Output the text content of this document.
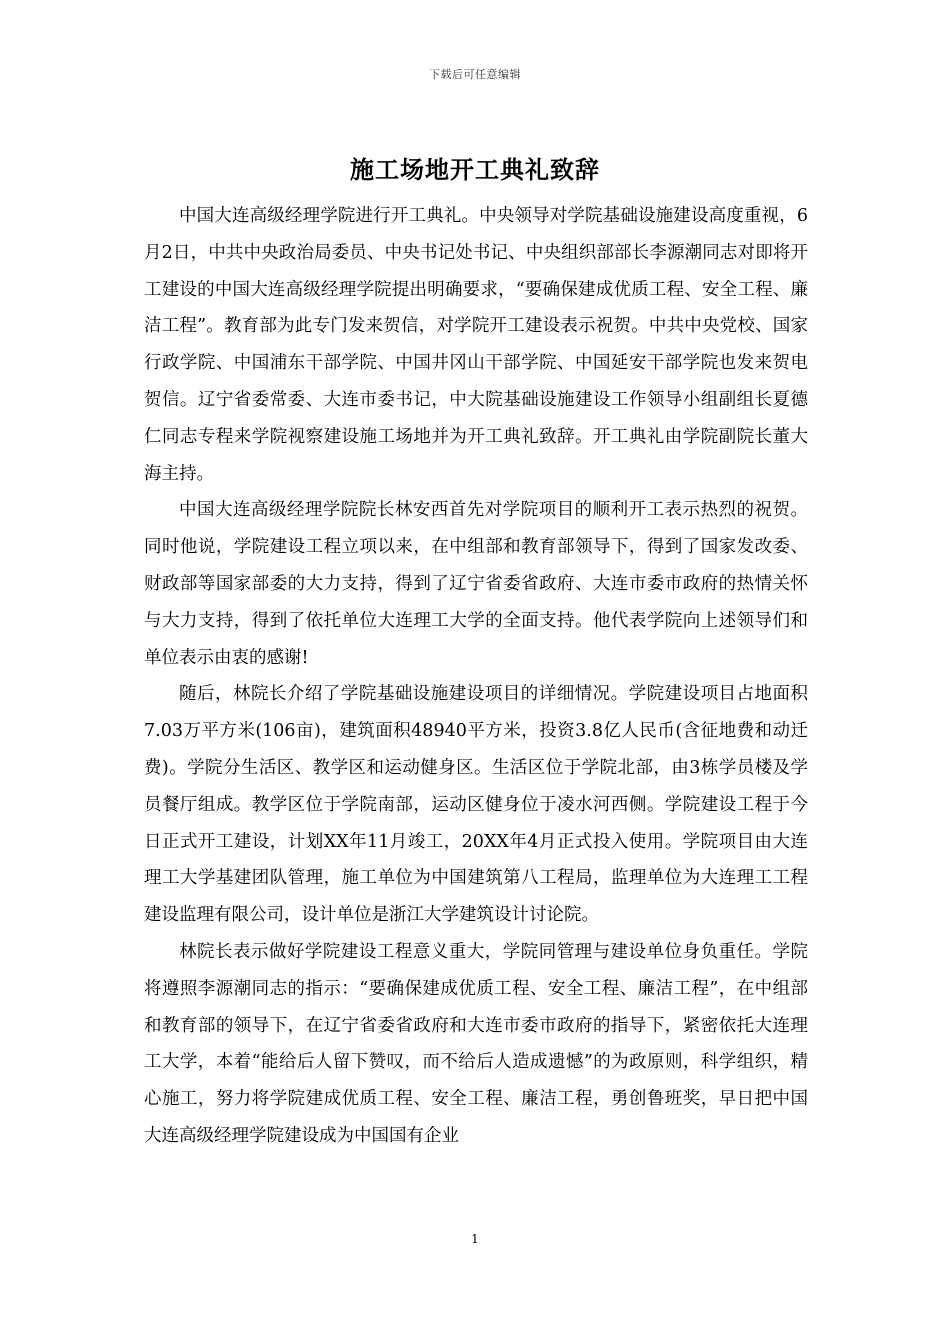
下载后可任意编辑
施工场地开工典礼致辞

中国大连高级经理学院进行开工典礼。中央领导对学院基础设施建设高度重视，6月2日，中共中央政治局委员、中央书记处书记、中央组织部部长李源潮同志对即将开工建设的中国大连高级经理学院提出明确要求，“要确保建成优质工程、安全工程、廉洁工程”。教育部为此专门发来贺信，对学院开工建设表示祝贺。中共中央党校、国家行政学院、中国浦东干部学院、中国井冈山干部学院、中国延安干部学院也发来贺电贺信。辽宁省委常委、大连市委书记，中大院基础设施建设工作领导小组副组长夏德仁同志专程来学院视察建设施工场地并为开工典礼致辞。开工典礼由学院副院长董大海主持。

中国大连高级经理学院院长林安西首先对学院项目的顺利开工表示热烈的祝贺。同时他说，学院建设工程立项以来，在中组部和教育部领导下，得到了国家发改委、财政部等国家部委的大力支持，得到了辽宁省委省政府、大连市委市政府的热情关怀与大力支持，得到了依托单位大连理工大学的全面支持。他代表学院向上述领导们和单位表示由衷的感谢!

随后，林院长介绍了学院基础设施建设项目的详细情况。学院建设项目占地面积7.03万平方米(106亩)，建筑面积48940平方米，投资3.8亿人民币(含征地费和动迁费)。学院分生活区、教学区和运动健身区。生活区位于学院北部，由3栋学员楼及学员餐厅组成。教学区位于学院南部，运动区健身位于凌水河西侧。学院建设工程于今日正式开工建设，计划XX年11月竣工，20XX年4月正式投入使用。学院项目由大连理工大学基建团队管理，施工单位为中国建筑第八工程局，监理单位为大连理工工程建设监理有限公司，设计单位是浙江大学建筑设计讨论院。

林院长表示做好学院建设工程意义重大，学院同管理与建设单位身负重任。学院将遵照李源潮同志的指示：“要确保建成优质工程、安全工程、廉洁工程”，在中组部和教育部的领导下，在辽宁省委省政府和大连市委市政府的指导下，紧密依托大连理工大学，本着“能给后人留下赞叹，而不给后人造成遗憾”的为政原则，科学组织，精心施工，努力将学院建成优质工程、安全工程、廉洁工程，勇创鲁班奖，早日把中国大连高级经理学院建设成为中国国有企业

1
